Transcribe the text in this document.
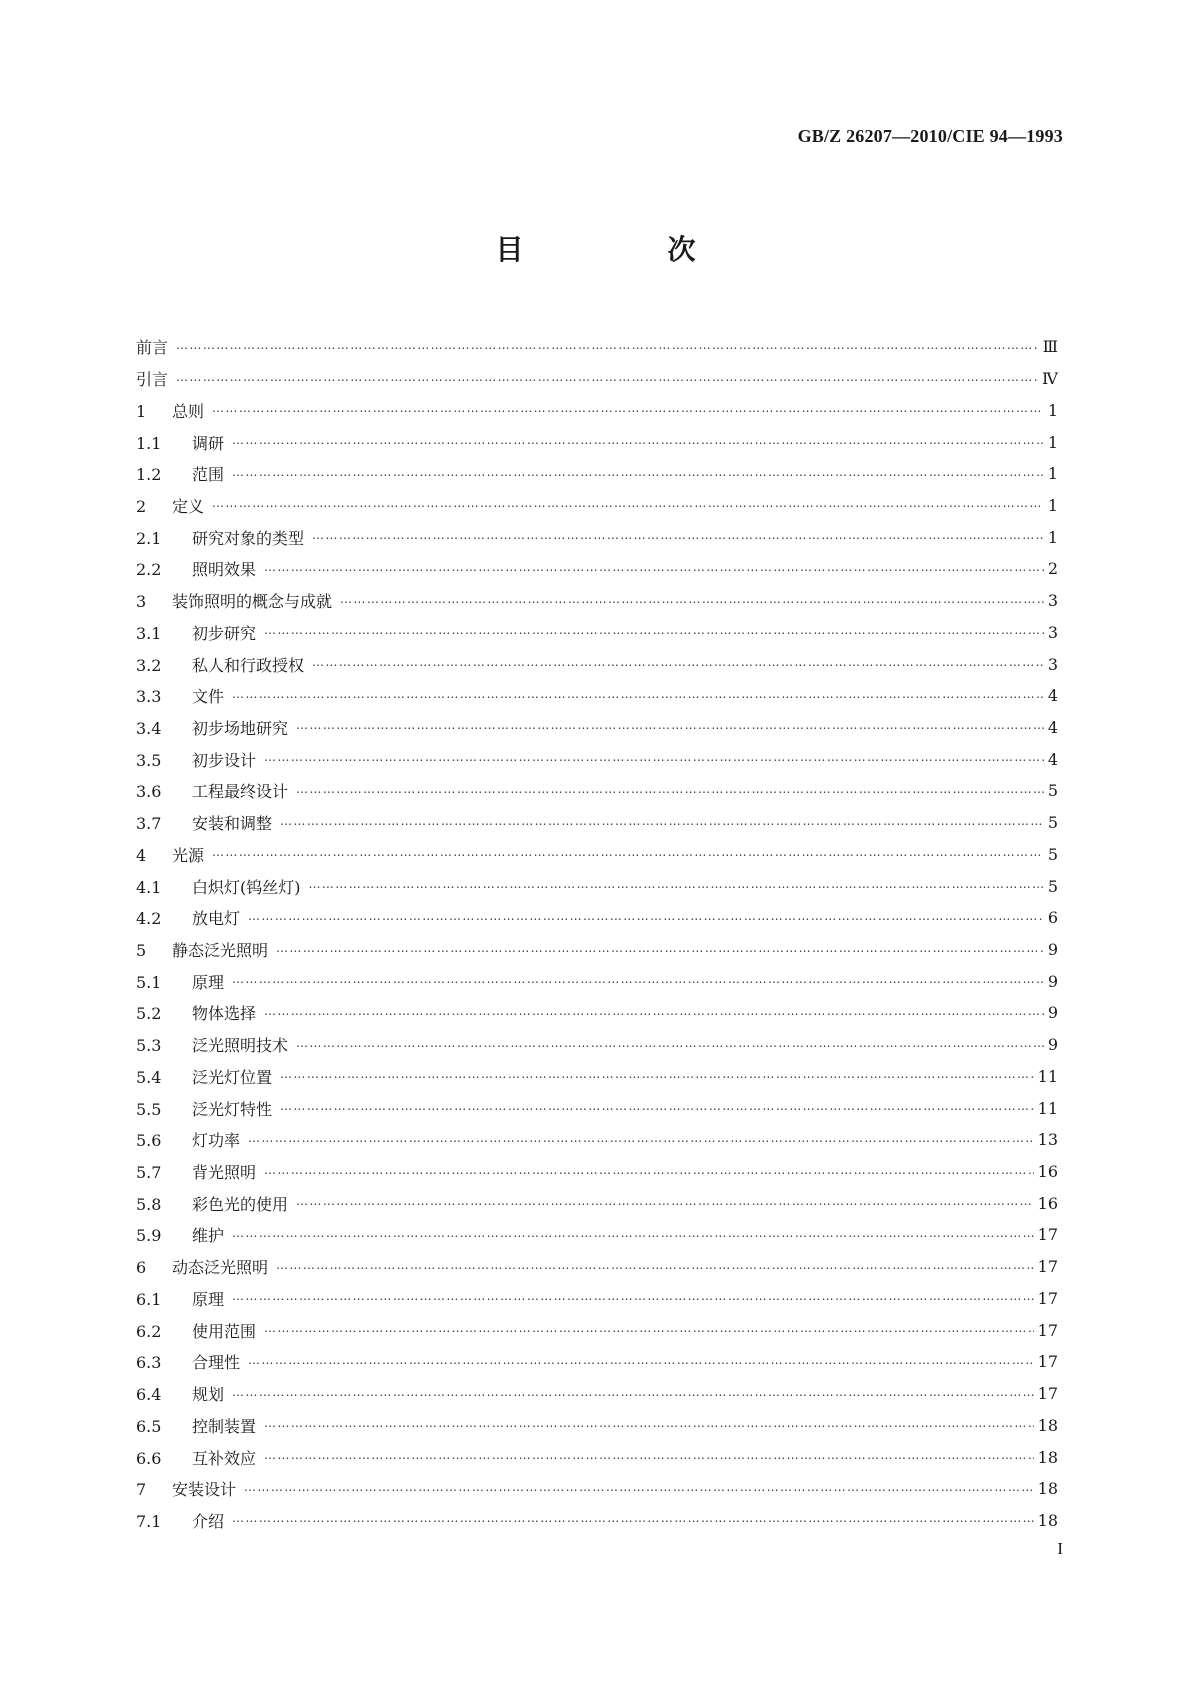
GB/Z 26207—2010/CIE 94—1993
目　次
前言 ……………………………………………………………………………………………………………………………………………………………………………………………………………………………………	Ⅲ
引言 ……………………………………………………………………………………………………………………………………………………………………………………………………………………………………	Ⅳ
1 总则 ……………………………………………………………………………………………………………………………………………………………………………………………………………………………………	1
1.1 调研 ……………………………………………………………………………………………………………………………………………………………………………………………………………………………………	1
1.2 范围 ……………………………………………………………………………………………………………………………………………………………………………………………………………………………………	1
2 定义 ……………………………………………………………………………………………………………………………………………………………………………………………………………………………………	1
2.1 研究对象的类型 ……………………………………………………………………………………………………………………………………………………………………………………………………………………………………	1
2.2 照明效果 ……………………………………………………………………………………………………………………………………………………………………………………………………………………………………	2
3 装饰照明的概念与成就 ……………………………………………………………………………………………………………………………………………………………………………………………………………………………………	3
3.1 初步研究 ……………………………………………………………………………………………………………………………………………………………………………………………………………………………………	3
3.2 私人和行政授权 ……………………………………………………………………………………………………………………………………………………………………………………………………………………………………	3
3.3 文件 ……………………………………………………………………………………………………………………………………………………………………………………………………………………………………	4
3.4 初步场地研究 ……………………………………………………………………………………………………………………………………………………………………………………………………………………………………	4
3.5 初步设计 ……………………………………………………………………………………………………………………………………………………………………………………………………………………………………	4
3.6 工程最终设计 ……………………………………………………………………………………………………………………………………………………………………………………………………………………………………	5
3.7 安装和调整 ……………………………………………………………………………………………………………………………………………………………………………………………………………………………………	5
4 光源 ……………………………………………………………………………………………………………………………………………………………………………………………………………………………………	5
4.1 白炽灯(钨丝灯) ……………………………………………………………………………………………………………………………………………………………………………………………………………………………………	5
4.2 放电灯 ……………………………………………………………………………………………………………………………………………………………………………………………………………………………………	6
5 静态泛光照明 ……………………………………………………………………………………………………………………………………………………………………………………………………………………………………	9
5.1 原理 ……………………………………………………………………………………………………………………………………………………………………………………………………………………………………	9
5.2 物体选择 ……………………………………………………………………………………………………………………………………………………………………………………………………………………………………	9
5.3 泛光照明技术 ……………………………………………………………………………………………………………………………………………………………………………………………………………………………………	9
5.4 泛光灯位置 ……………………………………………………………………………………………………………………………………………………………………………………………………………………………………	11
5.5 泛光灯特性 ……………………………………………………………………………………………………………………………………………………………………………………………………………………………………	11
5.6 灯功率 ……………………………………………………………………………………………………………………………………………………………………………………………………………………………………	13
5.7 背光照明 ……………………………………………………………………………………………………………………………………………………………………………………………………………………………………	16
5.8 彩色光的使用 ……………………………………………………………………………………………………………………………………………………………………………………………………………………………………	16
5.9 维护 ……………………………………………………………………………………………………………………………………………………………………………………………………………………………………	17
6 动态泛光照明 ……………………………………………………………………………………………………………………………………………………………………………………………………………………………………	17
6.1 原理 ……………………………………………………………………………………………………………………………………………………………………………………………………………………………………	17
6.2 使用范围 ……………………………………………………………………………………………………………………………………………………………………………………………………………………………………	17
6.3 合理性 ……………………………………………………………………………………………………………………………………………………………………………………………………………………………………	17
6.4 规划 ……………………………………………………………………………………………………………………………………………………………………………………………………………………………………	17
6.5 控制装置 ……………………………………………………………………………………………………………………………………………………………………………………………………………………………………	18
6.6 互补效应 ……………………………………………………………………………………………………………………………………………………………………………………………………………………………………	18
7 安装设计 ……………………………………………………………………………………………………………………………………………………………………………………………………………………………………	18
7.1 介绍 ……………………………………………………………………………………………………………………………………………………………………………………………………………………………………	18
I
